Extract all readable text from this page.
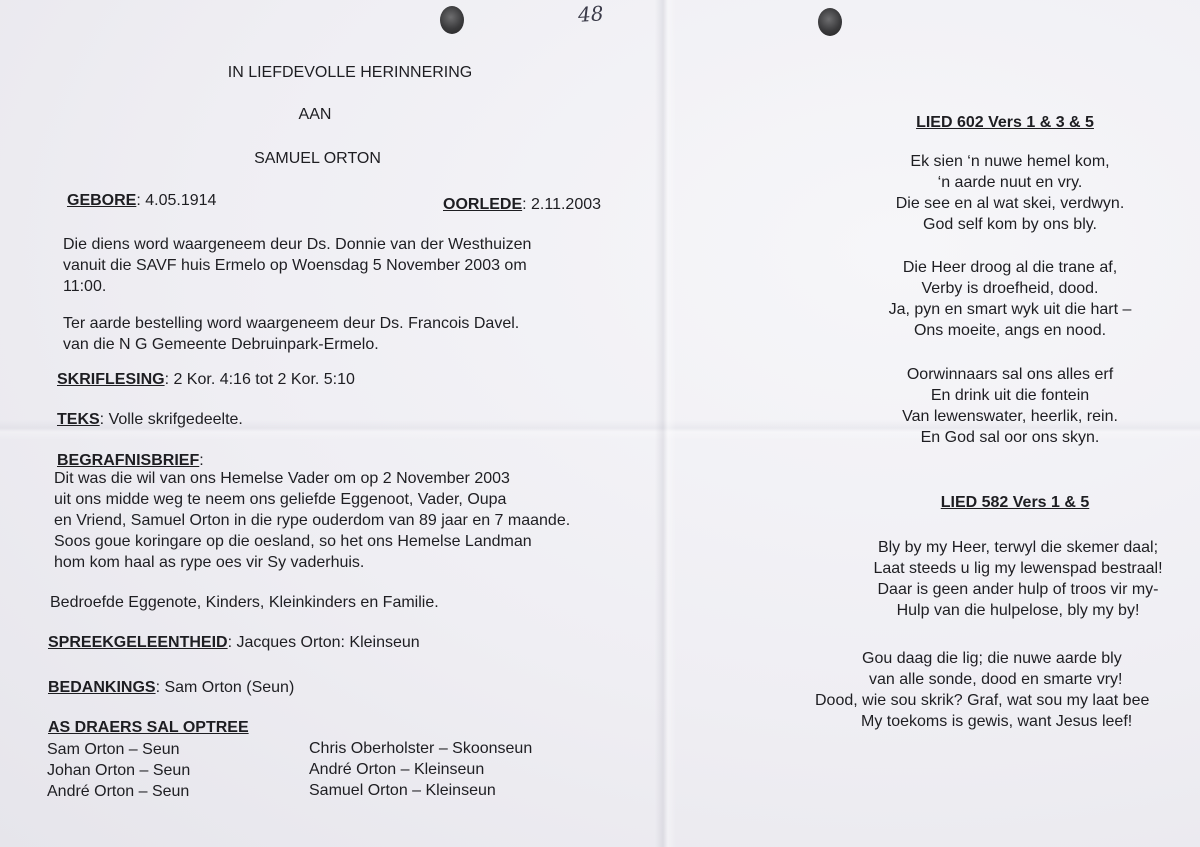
48
IN LIEFDEVOLLE HERINNERING
AAN
SAMUEL ORTON
GEBORE: 4.05.1914	OORLEDE: 2.11.2003
Die diens word waargeneem deur Ds. Donnie van der Westhuizen
vanuit die SAVF huis Ermelo op Woensdag 5 November 2003 om
11:00.
Ter aarde bestelling word waargeneem deur Ds. Francois Davel.
van die N G Gemeente Debruinpark-Ermelo.
SKRIFLESING: 2 Kor. 4:16 tot 2 Kor. 5:10
TEKS: Volle skrifgedeelte.
BEGRAFNISBRIEF:
Dit was die wil van ons Hemelse Vader om op 2 November 2003
uit ons midde weg te neem ons geliefde Eggenoot, Vader, Oupa
en Vriend, Samuel Orton in die rype ouderdom van 89 jaar en 7 maande.
Soos goue koringare op die oesland, so het ons Hemelse Landman
hom kom haal as rype oes vir Sy vaderhuis.
Bedroefde Eggenote, Kinders, Kleinkinders en Familie.
SPREEKGELEENTHEID: Jacques Orton: Kleinseun
BEDANKINGS: Sam Orton (Seun)
AS DRAERS SAL OPTREE
Sam Orton – Seun
Johan Orton – Seun
André Orton – Seun
Chris Oberholster – Skoonseun
André Orton – Kleinseun
Samuel Orton – Kleinseun
LIED 602 Vers 1 & 3 & 5
Ek sien ‘n nuwe hemel kom,
‘n aarde nuut en vry.
Die see en al wat skei, verdwyn.
God self kom by ons bly.
Die Heer droog al die trane af,
Verby is droefheid, dood.
Ja, pyn en smart wyk uit die hart –
Ons moeite, angs en nood.
Oorwinnaars sal ons alles erf
En drink uit die fontein
Van lewenswater, heerlik, rein.
En God sal oor ons skyn.
LIED 582 Vers 1 & 5
Bly by my Heer, terwyl die skemer daal;
Laat steeds u lig my lewenspad bestraal!
Daar is geen ander hulp of troos vir my-
Hulp van die hulpelose, bly my by!
Gou daag die lig; die nuwe aarde bly
van alle sonde, dood en smarte vry!
Dood, wie sou skrik? Graf, wat sou my laat bee
My toekoms is gewis, want Jesus leef!
